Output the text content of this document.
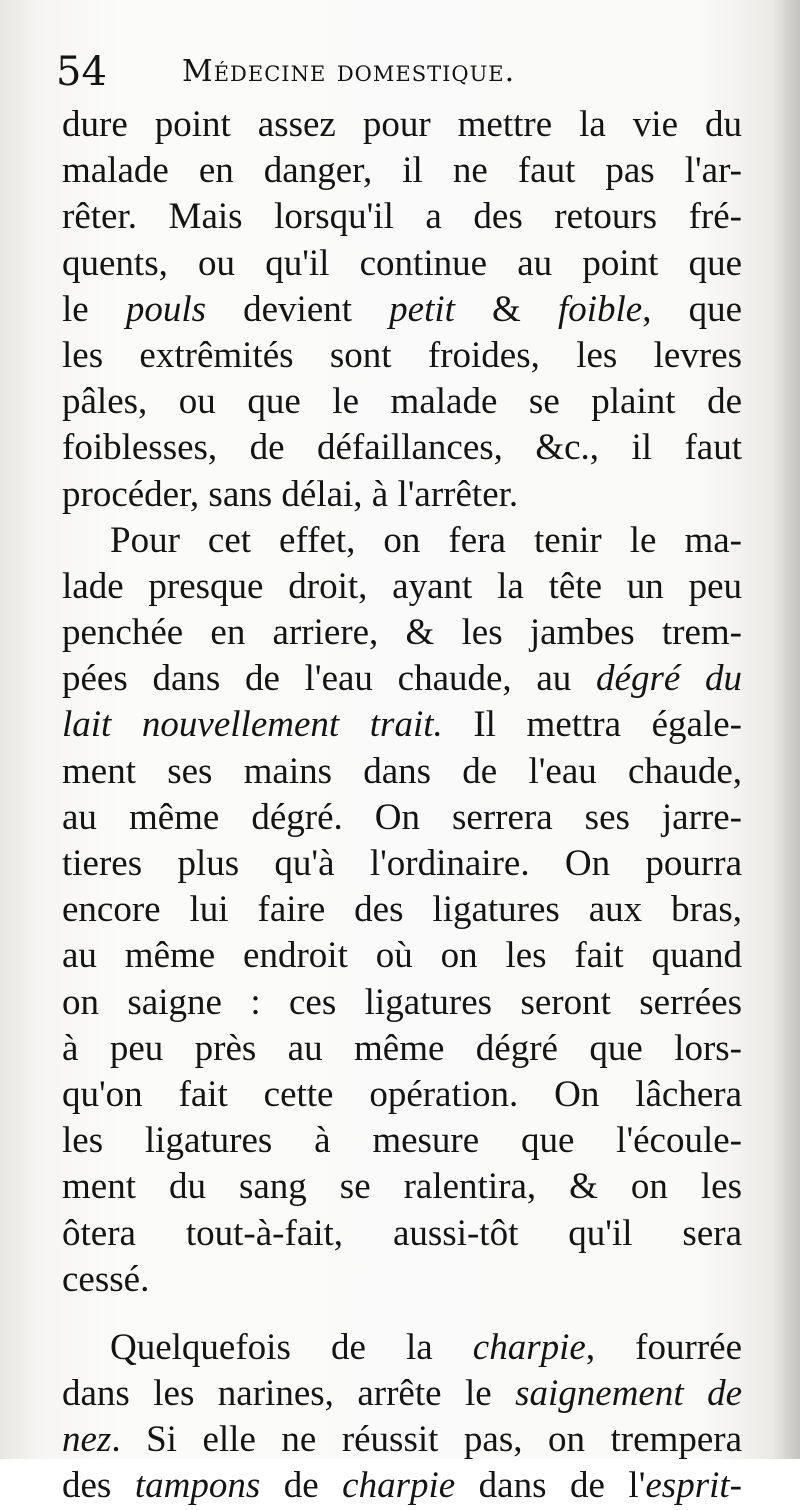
54	Médecine domestique.
dure point assez pour mettre la vie du
malade en danger, il ne faut pas l'ar-
rêter. Mais lorsqu'il a des retours fré-
quents, ou qu'il continue au point que
le pouls devient petit & foible, que
les extrêmités sont froides, les levres
pâles, ou que le malade se plaint de
foiblesses, de défaillances, &c., il faut
procéder, sans délai, à l'arrêter.
Pour cet effet, on fera tenir le ma-
lade presque droit, ayant la tête un peu
penchée en arriere, & les jambes trem-
pées dans de l'eau chaude, au dégré du
lait nouvellement trait. Il mettra égale-
ment ses mains dans de l'eau chaude,
au même dégré. On serrera ses jarre-
tieres plus qu'à l'ordinaire. On pourra
encore lui faire des ligatures aux bras,
au même endroit où on les fait quand
on saigne : ces ligatures seront serrées
à peu près au même dégré que lors-
qu'on fait cette opération. On lâchera
les ligatures à mesure que l'écoule-
ment du sang se ralentira, & on les
ôtera tout-à-fait, aussi-tôt qu'il sera
cessé.
Quelquefois de la charpie, fourrée
dans les narines, arrête le saignement de
nez. Si elle ne réussit pas, on trempera
des tampons de charpie dans de l'esprit-
